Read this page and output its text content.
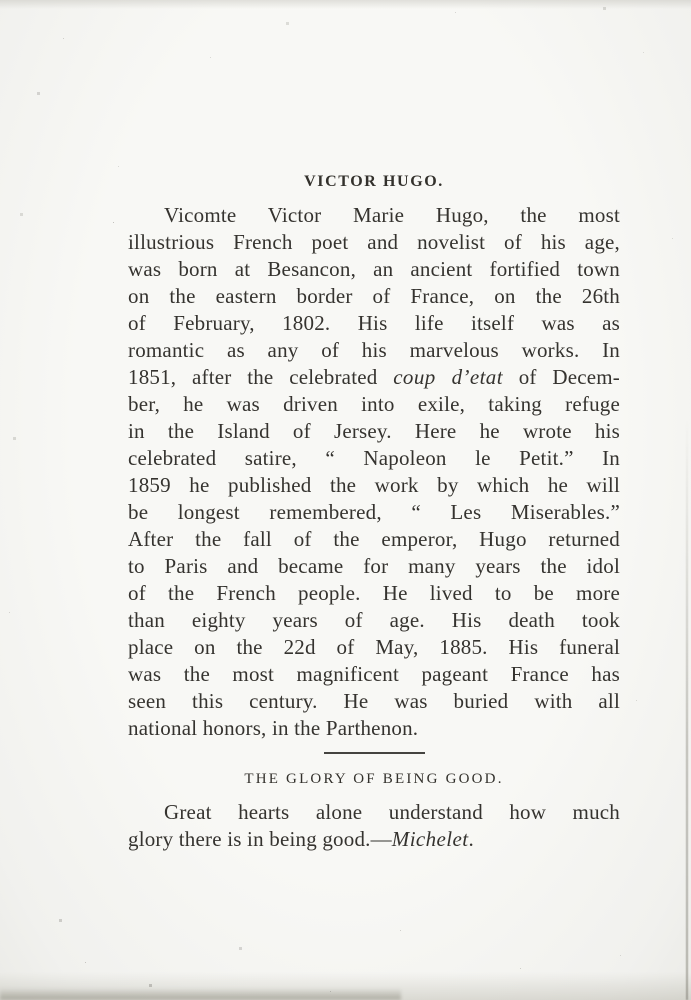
VICTOR HUGO.
Vicomte Victor Marie Hugo, the most
illustrious French poet and novelist of his age,
was born at Besancon, an ancient fortified town
on the eastern border of France, on the 26th
of February, 1802. His life itself was as
romantic as any of his marvelous works. In
1851, after the celebrated coup d’etat of Decem-
ber, he was driven into exile, taking refuge
in the Island of Jersey. Here he wrote his
celebrated satire, “ Napoleon le Petit.” In
1859 he published the work by which he will
be longest remembered, “ Les Miserables.”
After the fall of the emperor, Hugo returned
to Paris and became for many years the idol
of the French people. He lived to be more
than eighty years of age. His death took
place on the 22d of May, 1885. His funeral
was the most magnificent pageant France has
seen this century. He was buried with all
national honors, in the Parthenon.
THE GLORY OF BEING GOOD.
Great hearts alone understand how much
glory there is in being good.—Michelet.
